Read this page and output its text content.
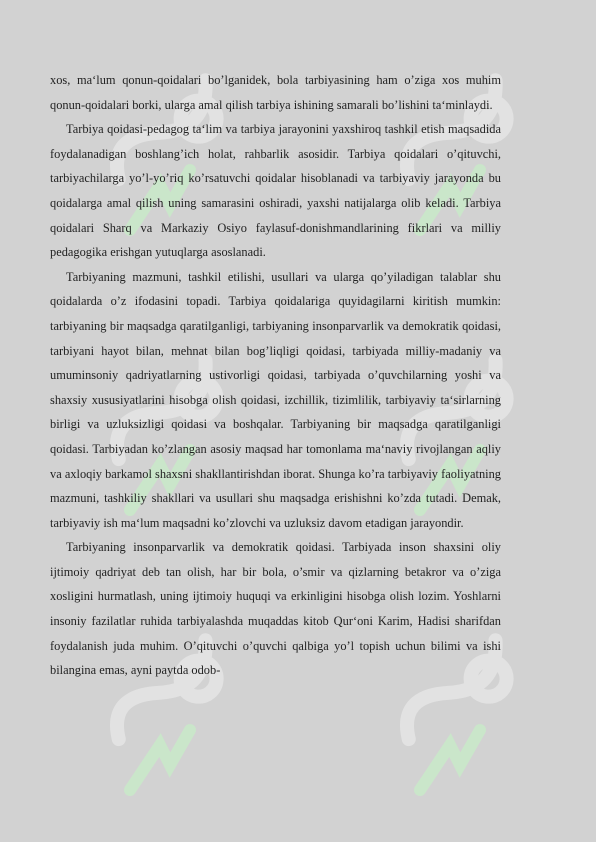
xos, ma‘lum qonun-qoidalari bo’lganidek, bola tarbiyasining ham o’ziga xos muhim qonun-qoidalari borki, ularga amal qilish tarbiya ishining samarali bo’lishini ta‘minlaydi.

Tarbiya qoidasi-pedagog ta‘lim va tarbiya jarayonini yaxshiroq tashkil etish maqsadida foydalanadigan boshlang’ich holat, rahbarlik asosidir. Tarbiya qoidalari o’qituvchi, tarbiyachilarga yo’l-yo’riq ko’rsatuvchi qoidalar hisoblanadi va tarbiyaviy jarayonda bu qoidalarga amal qilish uning samarasini oshiradi, yaxshi natijalarga olib keladi. Tarbiya qoidalari Sharq va Markaziy Osiyo faylasuf-donishmandlarining fikrlari va milliy pedagogika erishgan yutuqlarga asoslanadi.

Tarbiyaning mazmuni, tashkil etilishi, usullari va ularga qo’yiladigan talablar shu qoidalarda o’z ifodasini topadi. Tarbiya qoidalariga quyidagilarni kiritish mumkin: tarbiyaning bir maqsadga qaratilganligi, tarbiyaning insonparvarlik va demokratik qoidasi, tarbiyani hayot bilan, mehnat bilan bog’liqligi qoidasi, tarbiyada milliy-madaniy va umuminsoniy qadriyatlarning ustivorligi qoidasi, tarbiyada o’quvchilarning yoshi va shaxsiy xususiyatlarini hisobga olish qoidasi, izchillik, tizimlilik, tarbiyaviy ta‘sirlarning birligi va uzluksizligi qoidasi va boshqalar. Tarbiyaning bir maqsadga qaratilganligi qoidasi. Tarbiyadan ko’zlangan asosiy maqsad har tomonlama ma‘naviy rivojlangan aqliy va axloqiy barkamol shaxsni shakllantirishdan iborat. Shunga ko’ra tarbiyaviy faoliyatning mazmuni, tashkiliy shakllari va usullari shu maqsadga erishishni ko’zda tutadi. Demak, tarbiyaviy ish ma‘lum maqsadni ko’zlovchi va uzluksiz davom etadigan jarayondir.

Tarbiyaning insonparvarlik va demokratik qoidasi. Tarbiyada inson shaxsini oliy ijtimoiy qadriyat deb tan olish, har bir bola, o’smir va qizlarning betakror va o’ziga xosligini hurmatlash, uning ijtimoiy huquqi va erkinligini hisobga olish lozim. Yoshlarni insoniy fazilatlar ruhida tarbiyalashda muqaddas kitob Qur‘oni Karim, Hadisi sharifdan foydalanish juda muhim. O’qituvchi o’quvchi qalbiga yo’l topish uchun bilimi va ishi bilangina emas, ayni paytda odob-
